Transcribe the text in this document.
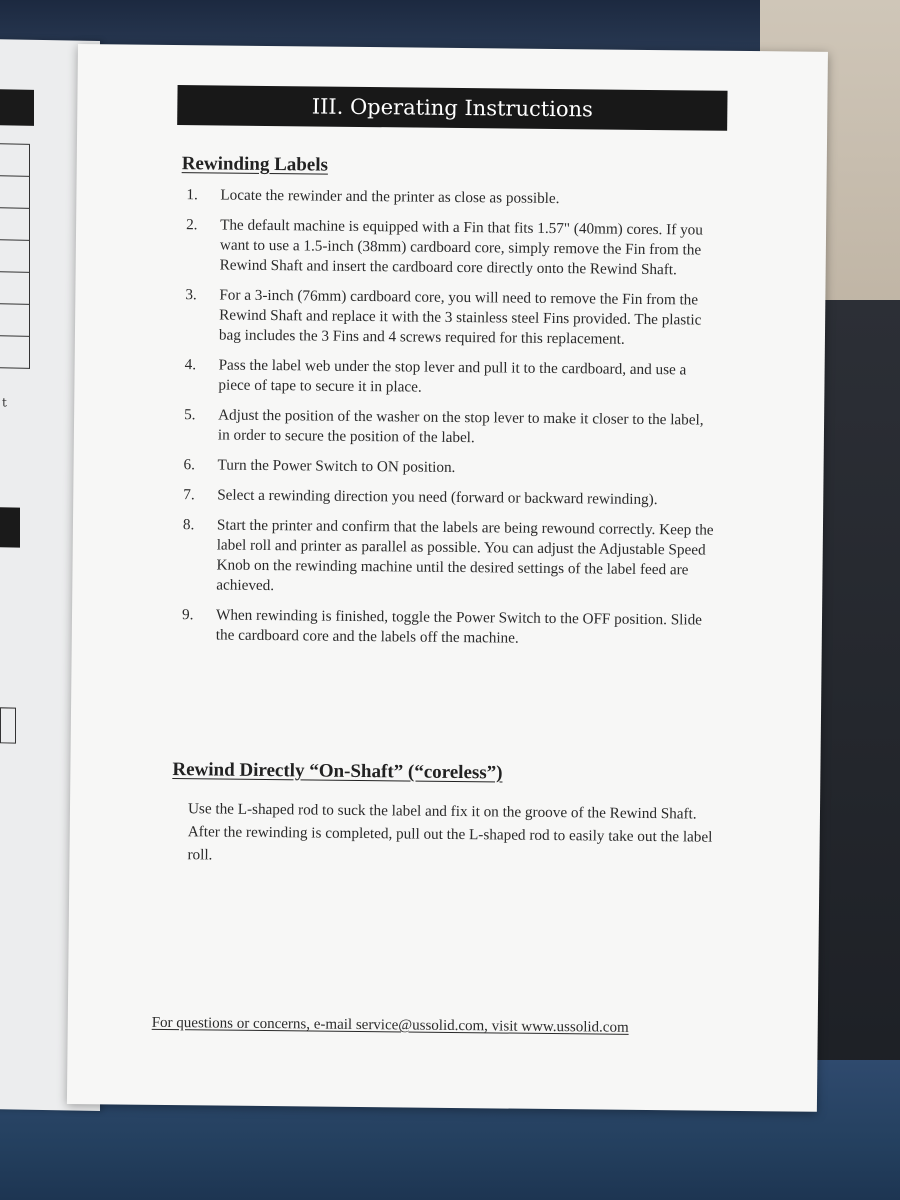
t
III. Operating Instructions
Rewinding Labels
1.	Locate the rewinder and the printer as close as possible.
2.	The default machine is equipped with a Fin that fits 1.57" (40mm) cores. If you want to use a 1.5-inch (38mm) cardboard core, simply remove the Fin from the Rewind Shaft and insert the cardboard core directly onto the Rewind Shaft.
3.	For a 3-inch (76mm) cardboard core, you will need to remove the Fin from the Rewind Shaft and replace it with the 3 stainless steel Fins provided. The plastic bag includes the 3 Fins and 4 screws required for this replacement.
4.	Pass the label web under the stop lever and pull it to the cardboard, and use a piece of tape to secure it in place.
5.	Adjust the position of the washer on the stop lever to make it closer to the label, in order to secure the position of the label.
6.	Turn the Power Switch to ON position.
7.	Select a rewinding direction you need (forward or backward rewinding).
8.	Start the printer and confirm that the labels are being rewound correctly. Keep the label roll and printer as parallel as possible. You can adjust the Adjustable Speed Knob on the rewinding machine until the desired settings of the label feed are achieved.
9.	When rewinding is finished, toggle the Power Switch to the OFF position. Slide the cardboard core and the labels off the machine.
Rewind Directly “On-Shaft” (“coreless”)
Use the L-shaped rod to suck the label and fix it on the groove of the Rewind Shaft. After the rewinding is completed, pull out the L-shaped rod to easily take out the label roll.
For questions or concerns, e-mail service@ussolid.com, visit www.ussolid.com
